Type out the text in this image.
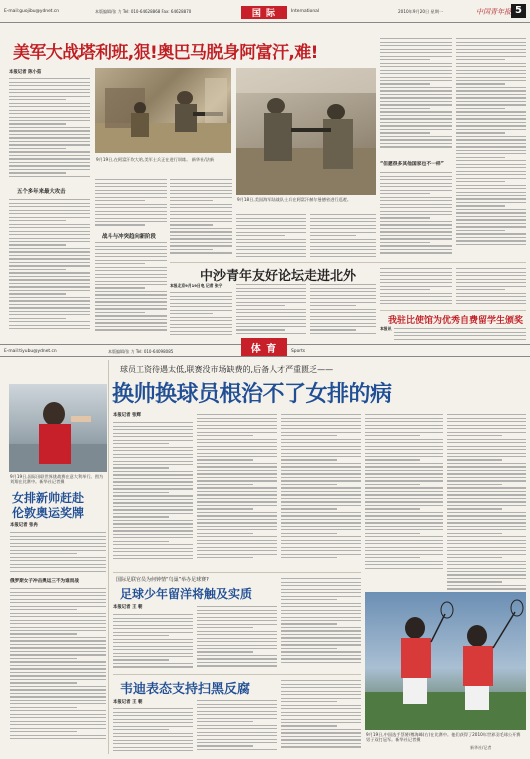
E-mail:guojibu@ydnet.cn	本版编辑/张 力 Tel: 010-64628868 Fax: 64628870	国 际	International	2010年9月20日 星期一	中国青年报 5
美军大战塔利班,狠!奥巴马脱身阿富汗,难!
本报记者 陈小茹
9月19日,在阿富汗坎大哈,美军士兵正在进行训练。 新华社/法新
9月18日,美国海军陆战队士兵在阿富汗赫尔曼德省进行巡逻。
五个多年来最大攻击
战斗与冲突趋向新阶段
“但愿很多其他国家也不一样”
中沙青年友好论坛走进北外
本报北京9月19日电 记者 张宁
我驻比使馆为优秀自费留学生颁奖
本报讯
E-mail:tiyubu@ydnet.cn	本版编辑/张 力 Tel: 010-64098085	体 育	Sports
球员工资待遇太低,联赛没市场缺费的,后备人才严重匮乏——
换帅换球员根治不了女排的病
9月19日,国际田联世界挑战赛在意大利举行。图为刘翔在比赛中。新华社记者摄
女排新帅赶赴
伦敦奥运奖牌
本报记者 张冉
俄罗斯女子冲击奥运三不为谁而战
本报记者 张辉
国际足联官员为何钟情“鸟巢”举办足球赛?
足球少年留洋将触及实质
本报记者 王 朝
韦迪表态支持扫黑反腐
本报记者 王 朝
9月19日,中国选手蔡赟/傅海峰(右)在比赛中。他们获得了2010年世界羽毛球公开赛男子双打冠军。新华社记者摄
新华社/记者
